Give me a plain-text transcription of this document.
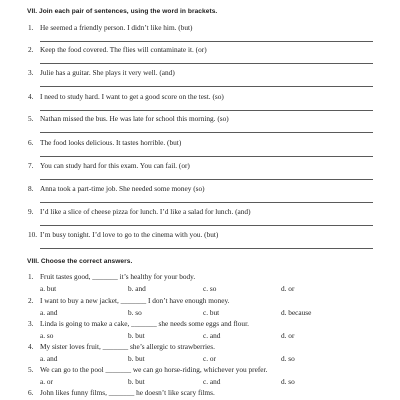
VII. Join each pair of sentences, using the word in brackets.
1. He seemed a friendly person. I didn’t like him. (but)
2. Keep the food covered. The flies will contaminate it. (or)
3. Julie has a guitar. She plays it very well. (and)
4. I need to study hard. I want to get a good score on the test. (so)
5. Nathan missed the bus. He was late for school this morning. (so)
6. The food looks delicious. It tastes horrible. (but)
7. You can study hard for this exam. You can fail. (or)
8. Anna took a part-time job. She needed some money (so)
9. I’d like a slice of cheese pizza for lunch. I’d like a salad for lunch. (and)
10. I’m busy tonight. I’d love to go to the cinema with you. (but)
VIII. Choose the correct answers.
1. Fruit tastes good, _______ it’s healthy for your body.
a. but	b. and	c. so	d. or
2. I want to buy a new jacket, _______ I don’t have enough money.
a. and	b. so	c. but	d. because
3. Linda is going to make a cake, _______ she needs some eggs and flour.
a. so	b. but	c. and	d. or
4. My sister loves fruit, _______ she’s allergic to strawberries.
a. and	b. but	c. or	d. so
5. We can go to the pool _______ we can go horse-riding, whichever you prefer.
a. or	b. but	c. and	d. so
6. John likes funny films, _______ he doesn’t like scary films.
